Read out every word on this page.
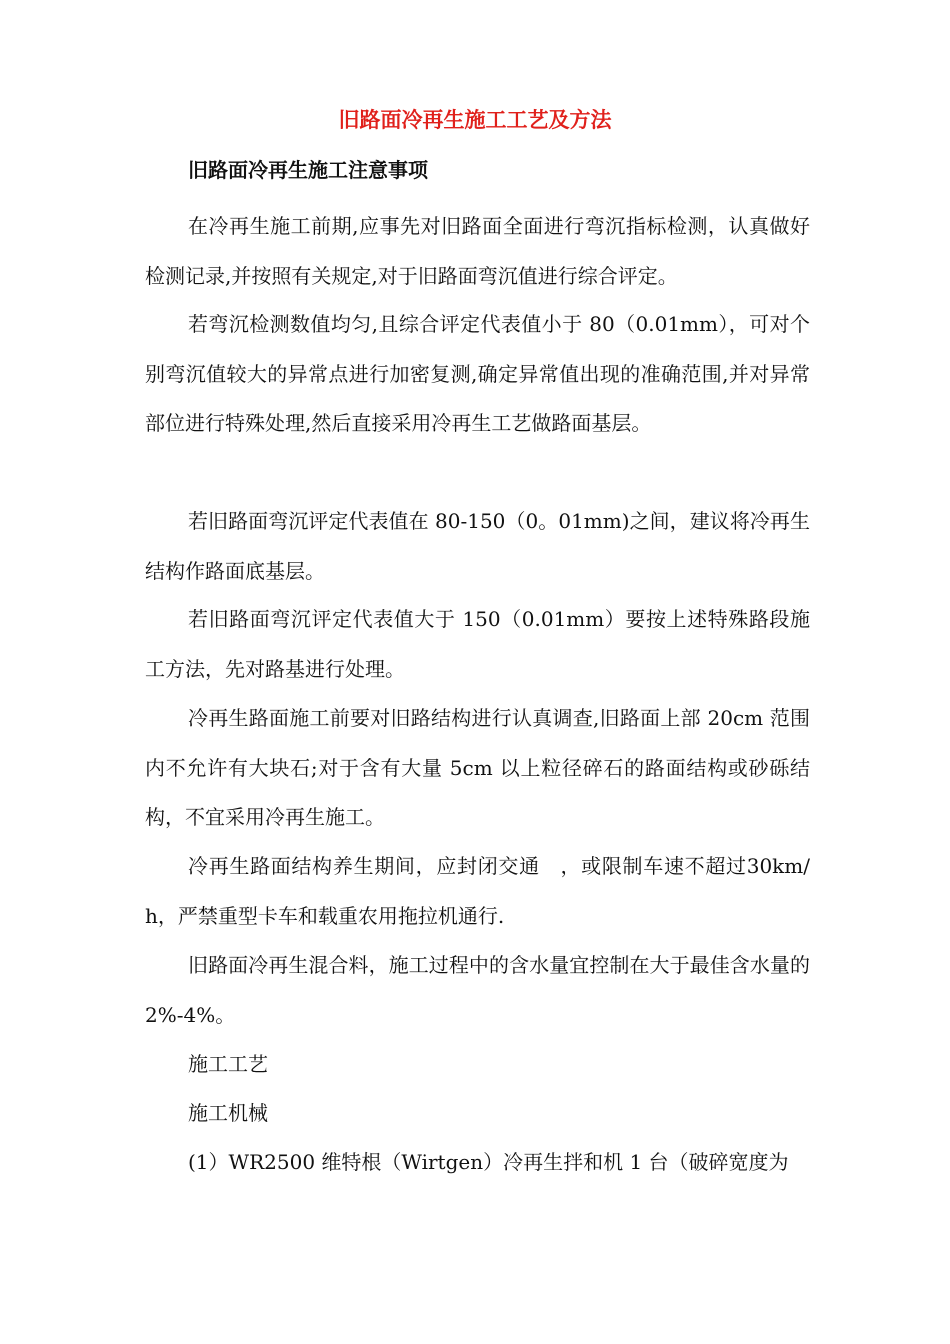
旧路面冷再生施工工艺及方法
旧路面冷再生施工注意事项

在冷再生施工前期,应事先对旧路面全面进行弯沉指标检测，认真做好检测记录,并按照有关规定,对于旧路面弯沉值进行综合评定。

若弯沉检测数值均匀,且综合评定代表值小于 80（0.01mm），可对个别弯沉值较大的异常点进行加密复测,确定异常值出现的准确范围,并对异常部位进行特殊处理,然后直接采用冷再生工艺做路面基层。

若旧路面弯沉评定代表值在 80-150（0。01mm)之间，建议将冷再生结构作路面底基层。

若旧路面弯沉评定代表值大于 150（0.01mm）要按上述特殊路段施工方法，先对路基进行处理。

冷再生路面施工前要对旧路结构进行认真调查,旧路面上部 20cm 范围内不允许有大块石;对于含有大量 5cm 以上粒径碎石的路面结构或砂砾结构，不宜采用冷再生施工。

冷再生路面结构养生期间，应封闭交通　，或限制车速不超过30km/h，严禁重型卡车和载重农用拖拉机通行.

旧路面冷再生混合料，施工过程中的含水量宜控制在大于最佳含水量的 2%-4%。

施工工艺

施工机械

(1）WR2500 维特根（Wirtgen）冷再生拌和机 1 台（破碎宽度为
